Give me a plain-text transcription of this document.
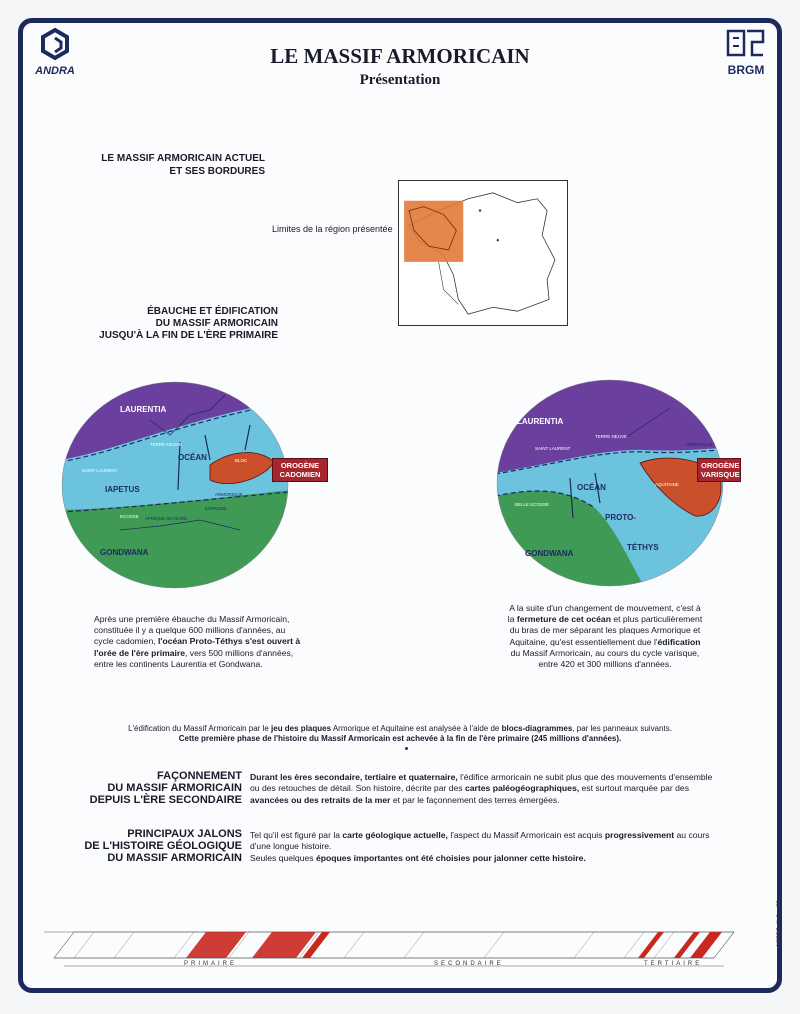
ANDRA	BRGM
LE MASSIF ARMORICAIN
Présentation
LE MASSIF ARMORICAIN ACTUEL
ET SES BORDURES
Limites de la région présentée
ÉBAUCHE ET ÉDIFICATION
DU MASSIF ARMORICAIN
JUSQU'À LA FIN DE L'ÈRE PRIMAIRE
LAURENTIA
OCÉAN
IAPETUS
GONDWANA
TERRE NEUVE
SAINT LAURENT
ECOSSE
ARMORIQUE
ESPAGNE
AFRIQUE DU NORD
BLOC
OROGÈNE
CADOMIEN
LAURENTIA
OCÉAN
PROTO-
TÉTHYS
GONDWANA
TERRE NEUVE
SAINT LAURENT
ARMORIQUE
AQUITAINE
BELLE ECOSSE
OROGÈNE
VARISQUE
Après une première ébauche du Massif Armoricain, constituée il y a quelque 600 millions d'années, au cycle cadomien, l'océan Proto-Téthys s'est ouvert à l'orée de l'ère primaire, vers 500 millions d'années, entre les continents Laurentia et Gondwana.
A la suite d'un changement de mouvement, c'est à la fermeture de cet océan et plus particulièrement du bras de mer séparant les plaques Armorique et Aquitaine, qu'est essentiellement due l'édification du Massif Armoricain, au cours du cycle varisque, entre 420 et 300 millions d'années.
L'édification du Massif Armoricain par le jeu des plaques Armorique et Aquitaine est analysée à l'aide de blocs-diagrammes, par les panneaux suivants.
Cette première phase de l'histoire du Massif Armoricain est achevée à la fin de l'ère primaire (245 millions d'années).
FAÇONNEMENT
DU MASSIF ARMORICAIN
DEPUIS L'ÈRE SECONDAIRE
Durant les ères secondaire, tertiaire et quaternaire, l'édifice armoricain ne subit plus que des mouvements d'ensemble ou des retouches de détail. Son histoire, décrite par des cartes paléogéographiques, est surtout marquée par des avancées ou des retraits de la mer et par le façonnement des terres émergées.
PRINCIPAUX JALONS
DE L'HISTOIRE GÉOLOGIQUE
DU MASSIF ARMORICAIN
Tel qu'il est figuré par la carte géologique actuelle, l'aspect du Massif Armoricain est acquis progressivement au cours d'une longue histoire.
Seules quelques époques importantes ont été choisies pour jalonner cette histoire.
PRIMAIRE	SECONDAIRE	TERTIAIRE
SCOPE S.A. · 81
